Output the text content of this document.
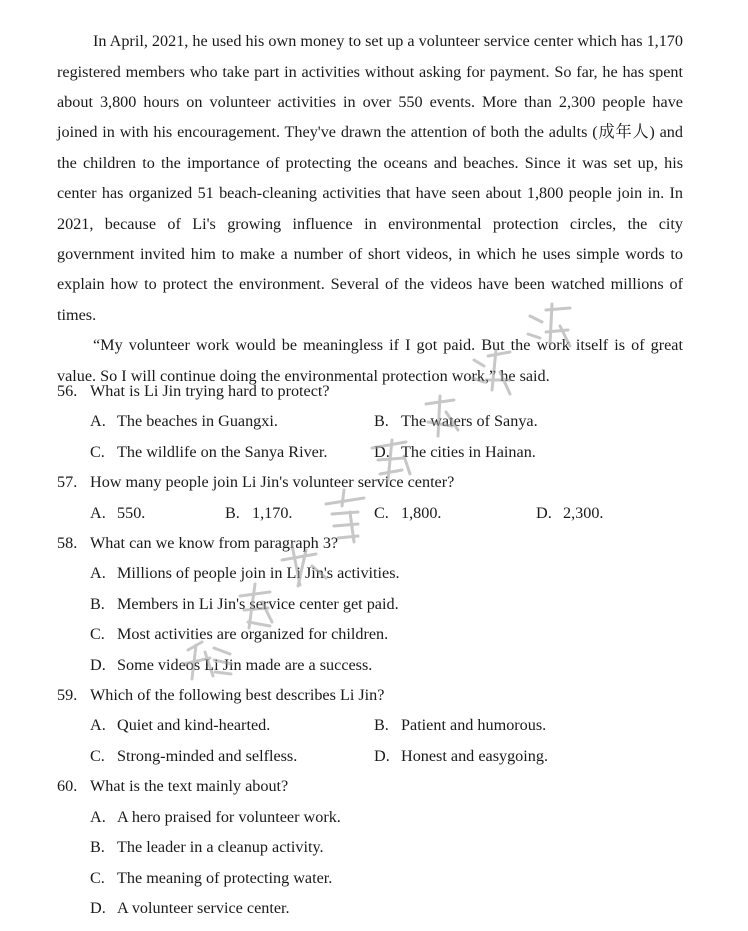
In April, 2021, he used his own money to set up a volunteer service center which has 1,170 registered members who take part in activities without asking for payment. So far, he has spent about 3,800 hours on volunteer activities in over 550 events. More than 2,300 people have joined in with his encouragement. They've drawn the attention of both the adults (成年人) and the children to the importance of protecting the oceans and beaches. Since it was set up, his center has organized 51 beach-cleaning activities that have seen about 1,800 people join in. In 2021, because of Li's growing influence in environmental protection circles, the city government invited him to make a number of short videos, in which he uses simple words to explain how to protect the environment. Several of the videos have been watched millions of times.

“My volunteer work would be meaningless if I got paid. But the work itself is of great value. So I will continue doing the environmental protection work,” he said.

56. What is Li Jin trying hard to protect?
A. The beaches in Guangxi.	B. The waters of Sanya.
C. The wildlife on the Sanya River.	D. The cities in Hainan.
57. How many people join Li Jin's volunteer service center?
A. 550.	B. 1,170.	C. 1,800.	D. 2,300.
58. What can we know from paragraph 3?
A. Millions of people join in Li Jin's activities.
B. Members in Li Jin's service center get paid.
C. Most activities are organized for children.
D. Some videos Li Jin made are a success.
59. Which of the following best describes Li Jin?
A. Quiet and kind-hearted.	B. Patient and humorous.
C. Strong-minded and selfless.	D. Honest and easygoing.
60. What is the text mainly about?
A. A hero praised for volunteer work.
B. The leader in a cleanup activity.
C. The meaning of protecting water.
D. A volunteer service center.
